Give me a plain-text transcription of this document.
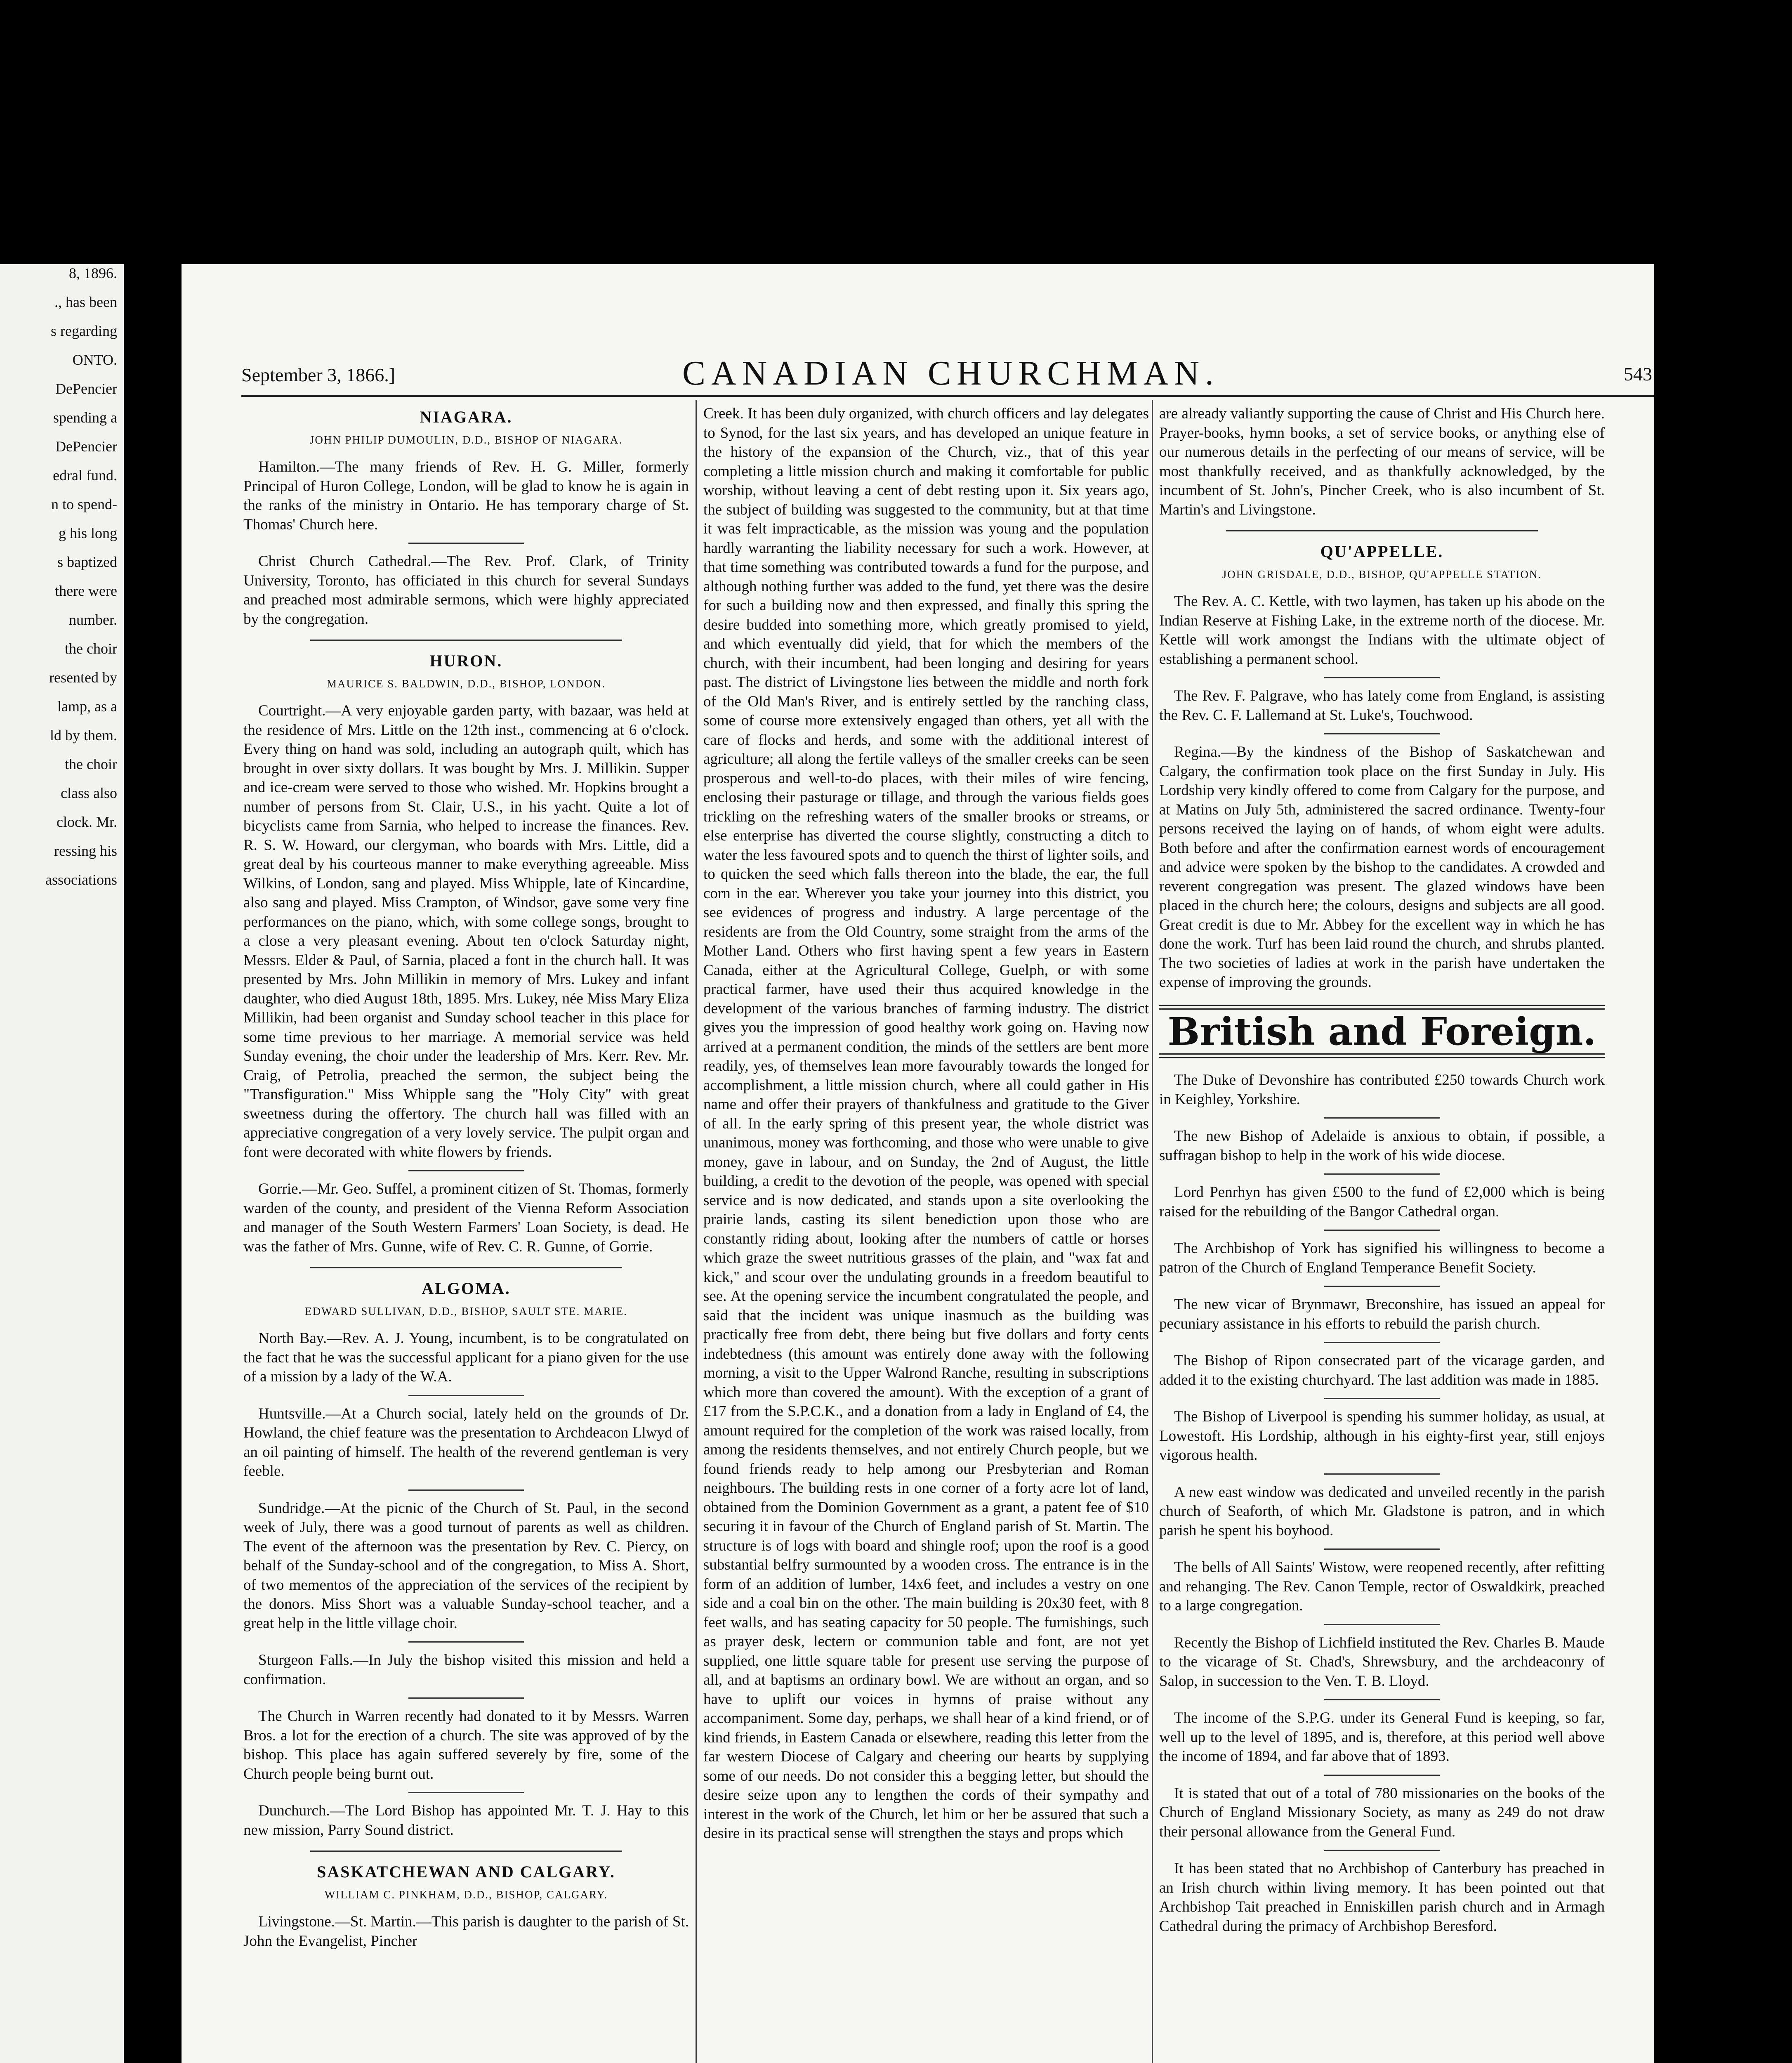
8, 1896.

., has been

s regarding

ONTO.

DePencier

spending a

DePencier

edral fund.

n to spend-

g his long

s baptized

there were

number.

the choir

resented by

lamp, as a

ld by them.

the choir

class also

clock. Mr.

ressing his

associations

September 3, 1866.]	CANADIAN CHURCHMAN.	543
NIAGARA.
JOHN PHILIP DUMOULIN, D.D., BISHOP OF NIAGARA.

Hamilton.—The many friends of Rev. H. G. Miller, formerly Principal of Huron College, London, will be glad to know he is again in the ranks of the ministry in Ontario. He has temporary charge of St. Thomas' Church here.

Christ Church Cathedral.—The Rev. Prof. Clark, of Trinity University, Toronto, has officiated in this church for several Sundays and preached most admirable sermons, which were highly appreciated by the congregation.

HURON.
MAURICE S. BALDWIN, D.D., BISHOP, LONDON.

Courtright.—A very enjoyable garden party, with bazaar, was held at the residence of Mrs. Little on the 12th inst., commencing at 6 o'clock. Every thing on hand was sold, including an autograph quilt, which has brought in over sixty dollars. It was bought by Mrs. J. Millikin. Supper and ice-cream were served to those who wished. Mr. Hopkins brought a number of persons from St. Clair, U.S., in his yacht. Quite a lot of bicyclists came from Sarnia, who helped to increase the finances. Rev. R. S. W. Howard, our clergyman, who boards with Mrs. Little, did a great deal by his courteous manner to make everything agreeable. Miss Wilkins, of London, sang and played. Miss Whipple, late of Kincardine, also sang and played. Miss Crampton, of Windsor, gave some very fine performances on the piano, which, with some college songs, brought to a close a very pleasant evening. About ten o'clock Saturday night, Messrs. Elder & Paul, of Sarnia, placed a font in the church hall. It was presented by Mrs. John Millikin in memory of Mrs. Lukey and infant daughter, who died August 18th, 1895. Mrs. Lukey, née Miss Mary Eliza Millikin, had been organist and Sunday school teacher in this place for some time previous to her marriage. A memorial service was held Sunday evening, the choir under the leadership of Mrs. Kerr. Rev. Mr. Craig, of Petrolia, preached the sermon, the subject being the "Transfiguration." Miss Whipple sang the "Holy City" with great sweetness during the offertory. The church hall was filled with an appreciative congregation of a very lovely service. The pulpit organ and font were decorated with white flowers by friends.

Gorrie.—Mr. Geo. Suffel, a prominent citizen of St. Thomas, formerly warden of the county, and president of the Vienna Reform Association and manager of the South Western Farmers' Loan Society, is dead. He was the father of Mrs. Gunne, wife of Rev. C. R. Gunne, of Gorrie.

ALGOMA.
EDWARD SULLIVAN, D.D., BISHOP, SAULT STE. MARIE.

North Bay.—Rev. A. J. Young, incumbent, is to be congratulated on the fact that he was the successful applicant for a piano given for the use of a mission by a lady of the W.A.

Huntsville.—At a Church social, lately held on the grounds of Dr. Howland, the chief feature was the presentation to Archdeacon Llwyd of an oil painting of himself. The health of the reverend gentleman is very feeble.

Sundridge.—At the picnic of the Church of St. Paul, in the second week of July, there was a good turnout of parents as well as children. The event of the afternoon was the presentation by Rev. C. Piercy, on behalf of the Sunday-school and of the congregation, to Miss A. Short, of two mementos of the appreciation of the services of the recipient by the donors. Miss Short was a valuable Sunday-school teacher, and a great help in the little village choir.

Sturgeon Falls.—In July the bishop visited this mission and held a confirmation.

The Church in Warren recently had donated to it by Messrs. Warren Bros. a lot for the erection of a church. The site was approved of by the bishop. This place has again suffered severely by fire, some of the Church people being burnt out.

Dunchurch.—The Lord Bishop has appointed Mr. T. J. Hay to this new mission, Parry Sound district.

SASKATCHEWAN AND CALGARY.
WILLIAM C. PINKHAM, D.D., BISHOP, CALGARY.

Livingstone.—St. Martin.—This parish is daughter to the parish of St. John the Evangelist, Pincher

Creek. It has been duly organized, with church officers and lay delegates to Synod, for the last six years, and has developed an unique feature in the history of the expansion of the Church, viz., that of this year completing a little mission church and making it comfortable for public worship, without leaving a cent of debt resting upon it. Six years ago, the subject of building was suggested to the community, but at that time it was felt impracticable, as the mission was young and the population hardly warranting the liability necessary for such a work. However, at that time something was contributed towards a fund for the purpose, and although nothing further was added to the fund, yet there was the desire for such a building now and then expressed, and finally this spring the desire budded into something more, which greatly promised to yield, and which eventually did yield, that for which the members of the church, with their incumbent, had been longing and desiring for years past. The district of Livingstone lies between the middle and north fork of the Old Man's River, and is entirely settled by the ranching class, some of course more extensively engaged than others, yet all with the care of flocks and herds, and some with the additional interest of agriculture; all along the fertile valleys of the smaller creeks can be seen prosperous and well-to-do places, with their miles of wire fencing, enclosing their pasturage or tillage, and through the various fields goes trickling on the refreshing waters of the smaller brooks or streams, or else enterprise has diverted the course slightly, constructing a ditch to water the less favoured spots and to quench the thirst of lighter soils, and to quicken the seed which falls thereon into the blade, the ear, the full corn in the ear. Wherever you take your journey into this district, you see evidences of progress and industry. A large percentage of the residents are from the Old Country, some straight from the arms of the Mother Land. Others who first having spent a few years in Eastern Canada, either at the Agricultural College, Guelph, or with some practical farmer, have used their thus acquired knowledge in the development of the various branches of farming industry. The district gives you the impression of good healthy work going on. Having now arrived at a permanent condition, the minds of the settlers are bent more readily, yes, of themselves lean more favourably towards the longed for accomplishment, a little mission church, where all could gather in His name and offer their prayers of thankfulness and gratitude to the Giver of all. In the early spring of this present year, the whole district was unanimous, money was forthcoming, and those who were unable to give money, gave in labour, and on Sunday, the 2nd of August, the little building, a credit to the devotion of the people, was opened with special service and is now dedicated, and stands upon a site overlooking the prairie lands, casting its silent benediction upon those who are constantly riding about, looking after the numbers of cattle or horses which graze the sweet nutritious grasses of the plain, and "wax fat and kick," and scour over the undulating grounds in a freedom beautiful to see. At the opening service the incumbent congratulated the people, and said that the incident was unique inasmuch as the building was practically free from debt, there being but five dollars and forty cents indebtedness (this amount was entirely done away with the following morning, a visit to the Upper Walrond Ranche, resulting in subscriptions which more than covered the amount). With the exception of a grant of £17 from the S.P.C.K., and a donation from a lady in England of £4, the amount required for the completion of the work was raised locally, from among the residents themselves, and not entirely Church people, but we found friends ready to help among our Presbyterian and Roman neighbours. The building rests in one corner of a forty acre lot of land, obtained from the Dominion Government as a grant, a patent fee of $10 securing it in favour of the Church of England parish of St. Martin. The structure is of logs with board and shingle roof; upon the roof is a good substantial belfry surmounted by a wooden cross. The entrance is in the form of an addition of lumber, 14x6 feet, and includes a vestry on one side and a coal bin on the other. The main building is 20x30 feet, with 8 feet walls, and has seating capacity for 50 people. The furnishings, such as prayer desk, lectern or communion table and font, are not yet supplied, one little square table for present use serving the purpose of all, and at baptisms an ordinary bowl. We are without an organ, and so have to uplift our voices in hymns of praise without any accompaniment. Some day, perhaps, we shall hear of a kind friend, or of kind friends, in Eastern Canada or elsewhere, reading this letter from the far western Diocese of Calgary and cheering our hearts by supplying some of our needs. Do not consider this a begging letter, but should the desire seize upon any to lengthen the cords of their sympathy and interest in the work of the Church, let him or her be assured that such a desire in its practical sense will strengthen the stays and props which

are already valiantly supporting the cause of Christ and His Church here. Prayer-books, hymn books, a set of service books, or anything else of our numerous details in the perfecting of our means of service, will be most thankfully received, and as thankfully acknowledged, by the incumbent of St. John's, Pincher Creek, who is also incumbent of St. Martin's and Livingstone.

QU'APPELLE.
JOHN GRISDALE, D.D., BISHOP, QU'APPELLE STATION.

The Rev. A. C. Kettle, with two laymen, has taken up his abode on the Indian Reserve at Fishing Lake, in the extreme north of the diocese. Mr. Kettle will work amongst the Indians with the ultimate object of establishing a permanent school.

The Rev. F. Palgrave, who has lately come from England, is assisting the Rev. C. F. Lallemand at St. Luke's, Touchwood.

Regina.—By the kindness of the Bishop of Saskatchewan and Calgary, the confirmation took place on the first Sunday in July. His Lordship very kindly offered to come from Calgary for the purpose, and at Matins on July 5th, administered the sacred ordinance. Twenty-four persons received the laying on of hands, of whom eight were adults. Both before and after the confirmation earnest words of encouragement and advice were spoken by the bishop to the candidates. A crowded and reverent congregation was present. The glazed windows have been placed in the church here; the colours, designs and subjects are all good. Great credit is due to Mr. Abbey for the excellent way in which he has done the work. Turf has been laid round the church, and shrubs planted. The two societies of ladies at work in the parish have undertaken the expense of improving the grounds.

British and Foreign.

The Duke of Devonshire has contributed £250 towards Church work in Keighley, Yorkshire.

The new Bishop of Adelaide is anxious to obtain, if possible, a suffragan bishop to help in the work of his wide diocese.

Lord Penrhyn has given £500 to the fund of £2,000 which is being raised for the rebuilding of the Bangor Cathedral organ.

The Archbishop of York has signified his willingness to become a patron of the Church of England Temperance Benefit Society.

The new vicar of Brynmawr, Breconshire, has issued an appeal for pecuniary assistance in his efforts to rebuild the parish church.

The Bishop of Ripon consecrated part of the vicarage garden, and added it to the existing churchyard. The last addition was made in 1885.

The Bishop of Liverpool is spending his summer holiday, as usual, at Lowestoft. His Lordship, although in his eighty-first year, still enjoys vigorous health.

A new east window was dedicated and unveiled recently in the parish church of Seaforth, of which Mr. Gladstone is patron, and in which parish he spent his boyhood.

The bells of All Saints' Wistow, were reopened recently, after refitting and rehanging. The Rev. Canon Temple, rector of Oswaldkirk, preached to a large congregation.

Recently the Bishop of Lichfield instituted the Rev. Charles B. Maude to the vicarage of St. Chad's, Shrewsbury, and the archdeaconry of Salop, in succession to the Ven. T. B. Lloyd.

The income of the S.P.G. under its General Fund is keeping, so far, well up to the level of 1895, and is, therefore, at this period well above the income of 1894, and far above that of 1893.

It is stated that out of a total of 780 missionaries on the books of the Church of England Missionary Society, as many as 249 do not draw their personal allowance from the General Fund.

It has been stated that no Archbishop of Canterbury has preached in an Irish church within living memory. It has been pointed out that Archbishop Tait preached in Enniskillen parish church and in Armagh Cathedral during the primacy of Archbishop Beresford.
